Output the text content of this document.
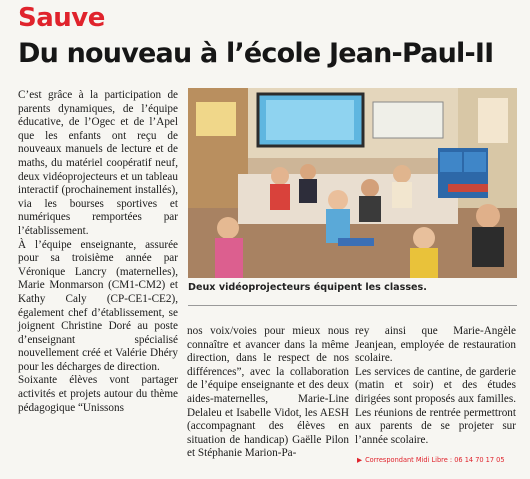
Sauve
Du nouveau à l’école Jean-Paul-II

C’est grâce à la participation de parents dynamiques, de l’équipe éducative, de l’Ogec et de l’Apel que les enfants ont reçu de nouveaux manuels de lecture et de maths, du matériel coopératif neuf, deux vidéoprojecteurs et un tableau interactif (prochainement installés), via les bourses sportives et numériques remportées par l’établissement.

À l’équipe enseignante, assurée pour sa troisième année par Véronique Lancry (maternelles), Marie Monmarson (CM1-CM2) et Kathy Caly (CP-CE1-CE2), également chef d’établissement, se joignent Christine Doré au poste d’enseignant spécialisé nouvellement créé et Valérie Dhéry pour les décharges de direction.

Soixante élèves vont partager activités et projets autour du thème pédagogique “Unissons

Deux vidéoprojecteurs équipent les classes.

nos voix/voies pour mieux nous connaître et avancer dans la même direction, dans le respect de nos différences”, avec la collaboration de l’équipe enseignante et des deux aides-maternelles, Marie-Line Delaleu et Isabelle Vidot, les AESH (accompagnant des élèves en situation de handicap) Gaëlle Pilon et Stéphanie Marion-Pa-

rey ainsi que Marie-Angèle Jeanjean, employée de restauration scolaire.

Les services de cantine, de garderie (matin et soir) et des études dirigées sont proposés aux familles. Les réunions de rentrée permettront aux parents de se projeter sur l’année scolaire.

▶ Correspondant Midi Libre : 06 14 70 17 05
